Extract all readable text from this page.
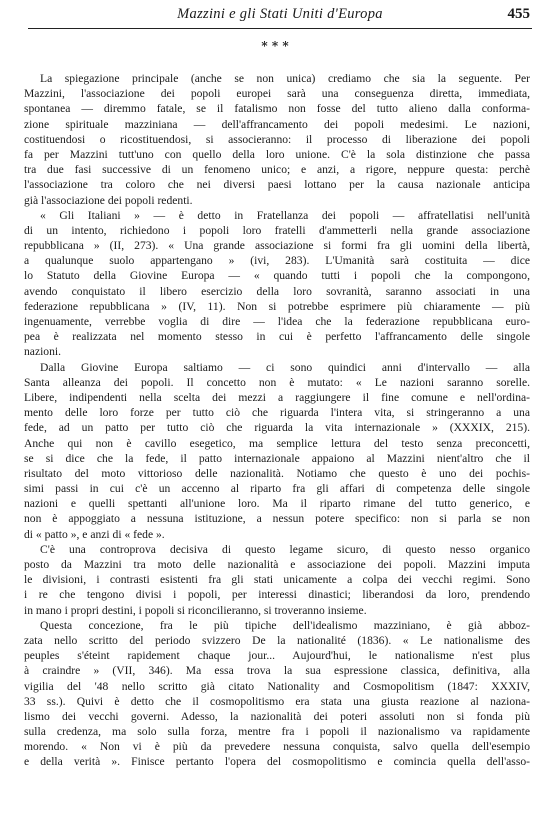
Mazzini e gli Stati Uniti d'Europa	455
* * *
La spiegazione principale (anche se non unica) crediamo che sia la seguente. Per
Mazzini, l'associazione dei popoli europei sarà una conseguenza diretta, immediata,
spontanea — diremmo fatale, se il fatalismo non fosse del tutto alieno dalla conforma-
zione spirituale mazziniana — dell'affrancamento dei popoli medesimi. Le nazioni,
costituendosi o ricostituendosi, si associeranno: il processo di liberazione dei popoli
fa per Mazzini tutt'uno con quello della loro unione. C'è la sola distinzione che passa
tra due fasi successive di un fenomeno unico; e anzi, a rigore, neppure questa: perchè
l'associazione tra coloro che nei diversi paesi lottano per la causa nazionale anticipa
già l'associazione dei popoli redenti.
« Gli Italiani » — è detto in Fratellanza dei popoli — affratellatisi nell'unità
di un intento, richiedono i popoli loro fratelli d'ammetterli nella grande associazione
repubblicana » (II, 273). « Una grande associazione si formi fra gli uomini della libertà,
a qualunque suolo appartengano » (ivi, 283). L'Umanità sarà costituita — dice
lo Statuto della Giovine Europa — « quando tutti i popoli che la compongono,
avendo conquistato il libero esercizio della loro sovranità, saranno associati in una
federazione repubblicana » (IV, 11). Non si potrebbe esprimere più chiaramente — più
ingenuamente, verrebbe voglia di dire — l'idea che la federazione repubblicana euro-
pea è realizzata nel momento stesso in cui è perfetto l'affrancamento delle singole
nazioni.
Dalla Giovine Europa saltiamo — ci sono quindici anni d'intervallo — alla
Santa alleanza dei popoli. Il concetto non è mutato: « Le nazioni saranno sorelle.
Libere, indipendenti nella scelta dei mezzi a raggiungere il fine comune e nell'ordina-
mento delle loro forze per tutto ciò che riguarda l'intera vita, si stringeranno a una
fede, ad un patto per tutto ciò che riguarda la vita internazionale » (XXXIX, 215).
Anche qui non è cavillo esegetico, ma semplice lettura del testo senza preconcetti,
se si dice che la fede, il patto internazionale appaiono al Mazzini nient'altro che il
risultato del moto vittorioso delle nazionalità. Notiamo che questo è uno dei pochis-
simi passi in cui c'è un accenno al riparto fra gli affari di competenza delle singole
nazioni e quelli spettanti all'unione loro. Ma il riparto rimane del tutto generico, e
non è appoggiato a nessuna istituzione, a nessun potere specifico: non si parla se non
di « patto », e anzi di « fede ».
C'è una controprova decisiva di questo legame sicuro, di questo nesso organico
posto da Mazzini tra moto delle nazionalità e associazione dei popoli. Mazzini imputa
le divisioni, i contrasti esistenti fra gli stati unicamente a colpa dei vecchi regimi. Sono
i re che tengono divisi i popoli, per interessi dinastici; liberandosi da loro, prendendo
in mano i propri destini, i popoli si riconcilieranno, si troveranno insieme.
Questa concezione, fra le più tipiche dell'idealismo mazziniano, è già abboz-
zata nello scritto del periodo svizzero De la nationalité (1836). « Le nationalisme des
peuples s'éteint rapidement chaque jour... Aujourd'hui, le nationalisme n'est plus
à craindre » (VII, 346). Ma essa trova la sua espressione classica, definitiva, alla
vigilia del '48 nello scritto già citato Nationality and Cosmopolitism (1847: XXXIV,
33 ss.). Quivi è detto che il cosmopolitismo era stata una giusta reazione al naziona-
lismo dei vecchi governi. Adesso, la nazionalità dei poteri assoluti non si fonda più
sulla credenza, ma solo sulla forza, mentre fra i popoli il nazionalismo va rapidamente
morendo. « Non vi è più da prevedere nessuna conquista, salvo quella dell'esempio
e della verità ». Finisce pertanto l'opera del cosmopolitismo e comincia quella dell'asso-
